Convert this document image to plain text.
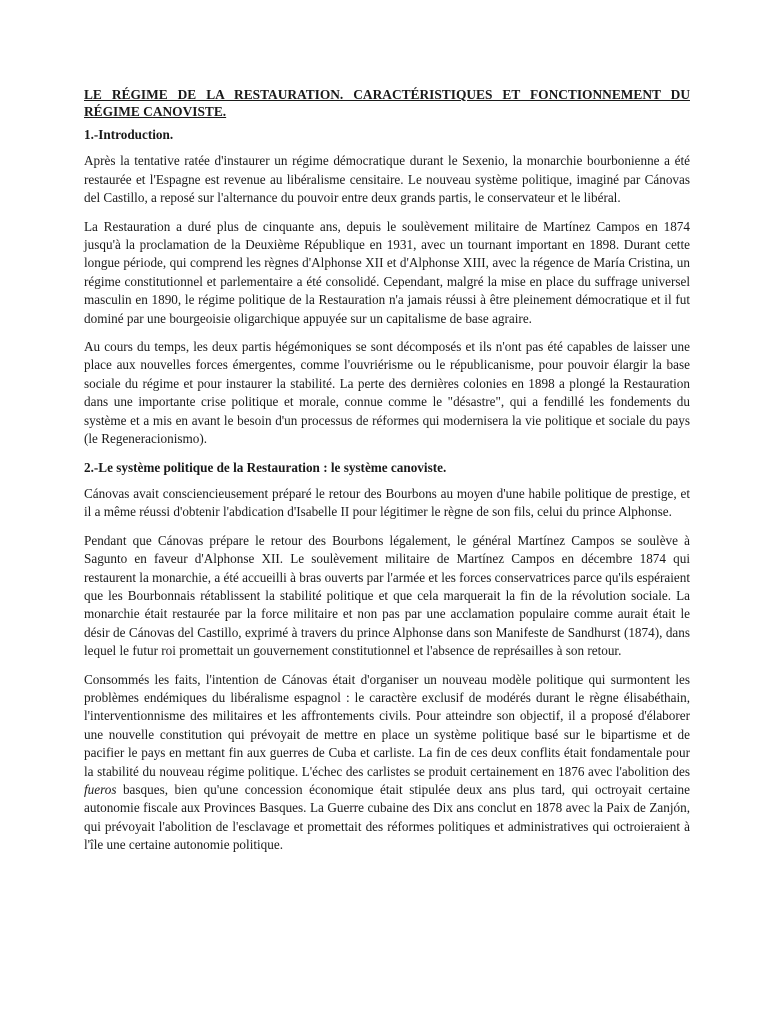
LE RÉGIME DE LA RESTAURATION. CARACTÉRISTIQUES ET FONCTIONNEMENT DU RÉGIME CANOVISTE.

1.-Introduction.

Après la tentative ratée d'instaurer un régime démocratique durant le Sexenio, la monarchie bourbonienne a été restaurée et l'Espagne est revenue au libéralisme censitaire. Le nouveau système politique, imaginé par Cánovas del Castillo, a reposé sur l'alternance du pouvoir entre deux grands partis, le conservateur et le libéral.

La Restauration a duré plus de cinquante ans, depuis le soulèvement militaire de Martínez Campos en 1874 jusqu'à la proclamation de la Deuxième République en 1931, avec un tournant important en 1898. Durant cette longue période, qui comprend les règnes d'Alphonse XII et d'Alphonse XIII, avec la régence de María Cristina, un régime constitutionnel et parlementaire a été consolidé. Cependant, malgré la mise en place du suffrage universel masculin en 1890, le régime politique de la Restauration n'a jamais réussi à être pleinement démocratique et il fut dominé par une bourgeoisie oligarchique appuyée sur un capitalisme de base agraire.

Au cours du temps, les deux partis hégémoniques se sont décomposés et ils n'ont pas été capables de laisser une place aux nouvelles forces émergentes, comme l'ouvriérisme ou le républicanisme, pour pouvoir élargir la base sociale du régime et pour instaurer la stabilité. La perte des dernières colonies en 1898 a plongé la Restauration dans une importante crise politique et morale, connue comme le "désastre", qui a fendillé les fondements du système et a mis en avant le besoin d'un processus de réformes qui modernisera la vie politique et sociale du pays (le Regeneracionismo).

2.-Le système politique de la Restauration : le système canoviste.

Cánovas avait consciencieusement préparé le retour des Bourbons au moyen d'une habile politique de prestige, et il a même réussi d'obtenir l'abdication d'Isabelle II pour légitimer le règne de son fils, celui du prince Alphonse.

Pendant que Cánovas prépare le retour des Bourbons légalement, le général Martínez Campos se soulève à Sagunto en faveur d'Alphonse XII. Le soulèvement militaire de Martínez Campos en décembre 1874 qui restaurent la monarchie, a été accueilli à bras ouverts par l'armée et les forces conservatrices parce qu'ils espéraient que les Bourbonnais rétablissent la stabilité politique et que cela marquerait la fin de la révolution sociale. La monarchie était restaurée par la force militaire et non pas par une acclamation populaire comme aurait était le désir de Cánovas del Castillo, exprimé à travers du prince Alphonse dans son Manifeste de Sandhurst (1874), dans lequel le futur roi promettait un gouvernement constitutionnel et l'absence de représailles à son retour.

Consommés les faits, l'intention de Cánovas était d'organiser un nouveau modèle politique qui surmontent les problèmes endémiques du libéralisme espagnol : le caractère exclusif de modérés durant le règne élisabéthain, l'interventionnisme des militaires et les affrontements civils. Pour atteindre son objectif, il a proposé d'élaborer une nouvelle constitution qui prévoyait de mettre en place un système politique basé sur le bipartisme et de pacifier le pays en mettant fin aux guerres de Cuba et carliste. La fin de ces deux conflits était fondamentale pour la stabilité du nouveau régime politique. L'échec des carlistes se produit certainement en 1876 avec l'abolition des fueros basques, bien qu'une concession économique était stipulée deux ans plus tard, qui octroyait certaine autonomie fiscale aux Provinces Basques. La Guerre cubaine des Dix ans conclut en 1878 avec la Paix de Zanjón, qui prévoyait l'abolition de l'esclavage et promettait des réformes politiques et administratives qui octroieraient à l'île une certaine autonomie politique.
